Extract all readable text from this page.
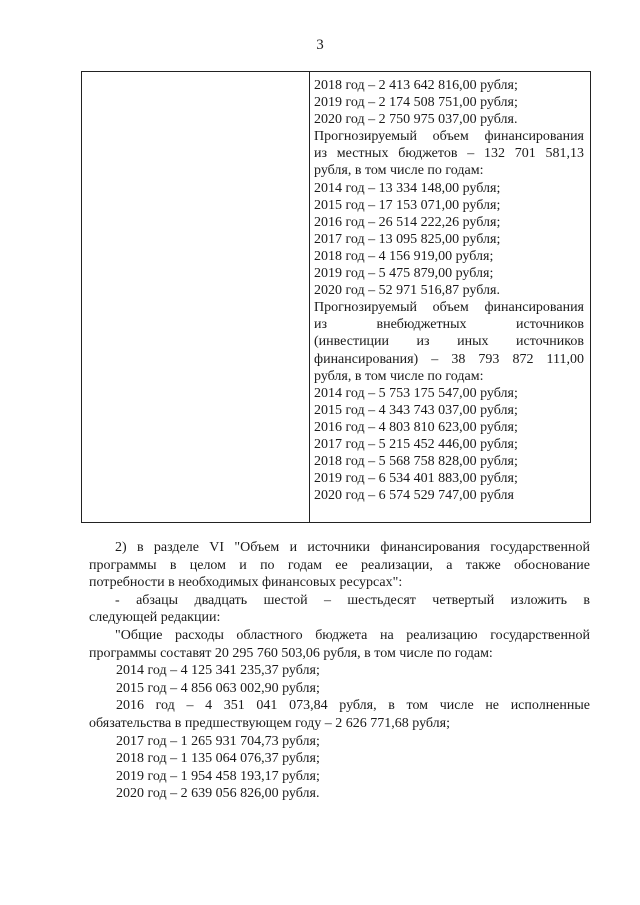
3
2018 год – 2 413 642 816,00 рубля;
2019 год – 2 174 508 751,00 рубля;
2020 год – 2 750 975 037,00 рубля.
Прогнозируемый объем финансирования
из местных бюджетов – 132 701 581,13
рубля, в том числе по годам:
2014 год – 13 334 148,00 рубля;
2015 год – 17 153 071,00 рубля;
2016 год – 26 514 222,26 рубля;
2017 год – 13 095 825,00 рубля;
2018 год – 4 156 919,00 рубля;
2019 год – 5 475 879,00 рубля;
2020 год – 52 971 516,87 рубля.
Прогнозируемый объем финансирования
из внебюджетных источников
(инвестиции из иных источников
финансирования) – 38 793 872 111,00
рубля, в том числе по годам:
2014 год – 5 753 175 547,00 рубля;
2015 год – 4 343 743 037,00 рубля;
2016 год – 4 803 810 623,00 рубля;
2017 год – 5 215 452 446,00 рубля;
2018 год – 5 568 758 828,00 рубля;
2019 год – 6 534 401 883,00 рубля;
2020 год – 6 574 529 747,00 рубля
2) в разделе VI "Объем и источники финансирования государственной
программы в целом и по годам ее реализации, а также обоснование
потребности в необходимых финансовых ресурсах":
- абзацы двадцать шестой – шестьдесят четвертый изложить в
следующей редакции:
"Общие расходы областного бюджета на реализацию государственной
программы составят 20 295 760 503,06 рубля, в том числе по годам:
2014 год – 4 125 341 235,37 рубля;
2015 год – 4 856 063 002,90 рубля;
2016 год – 4 351 041 073,84 рубля, в том числе не исполненные
обязательства в предшествующем году – 2 626 771,68 рубля;
2017 год – 1 265 931 704,73 рубля;
2018 год – 1 135 064 076,37 рубля;
2019 год – 1 954 458 193,17 рубля;
2020 год – 2 639 056 826,00 рубля.
